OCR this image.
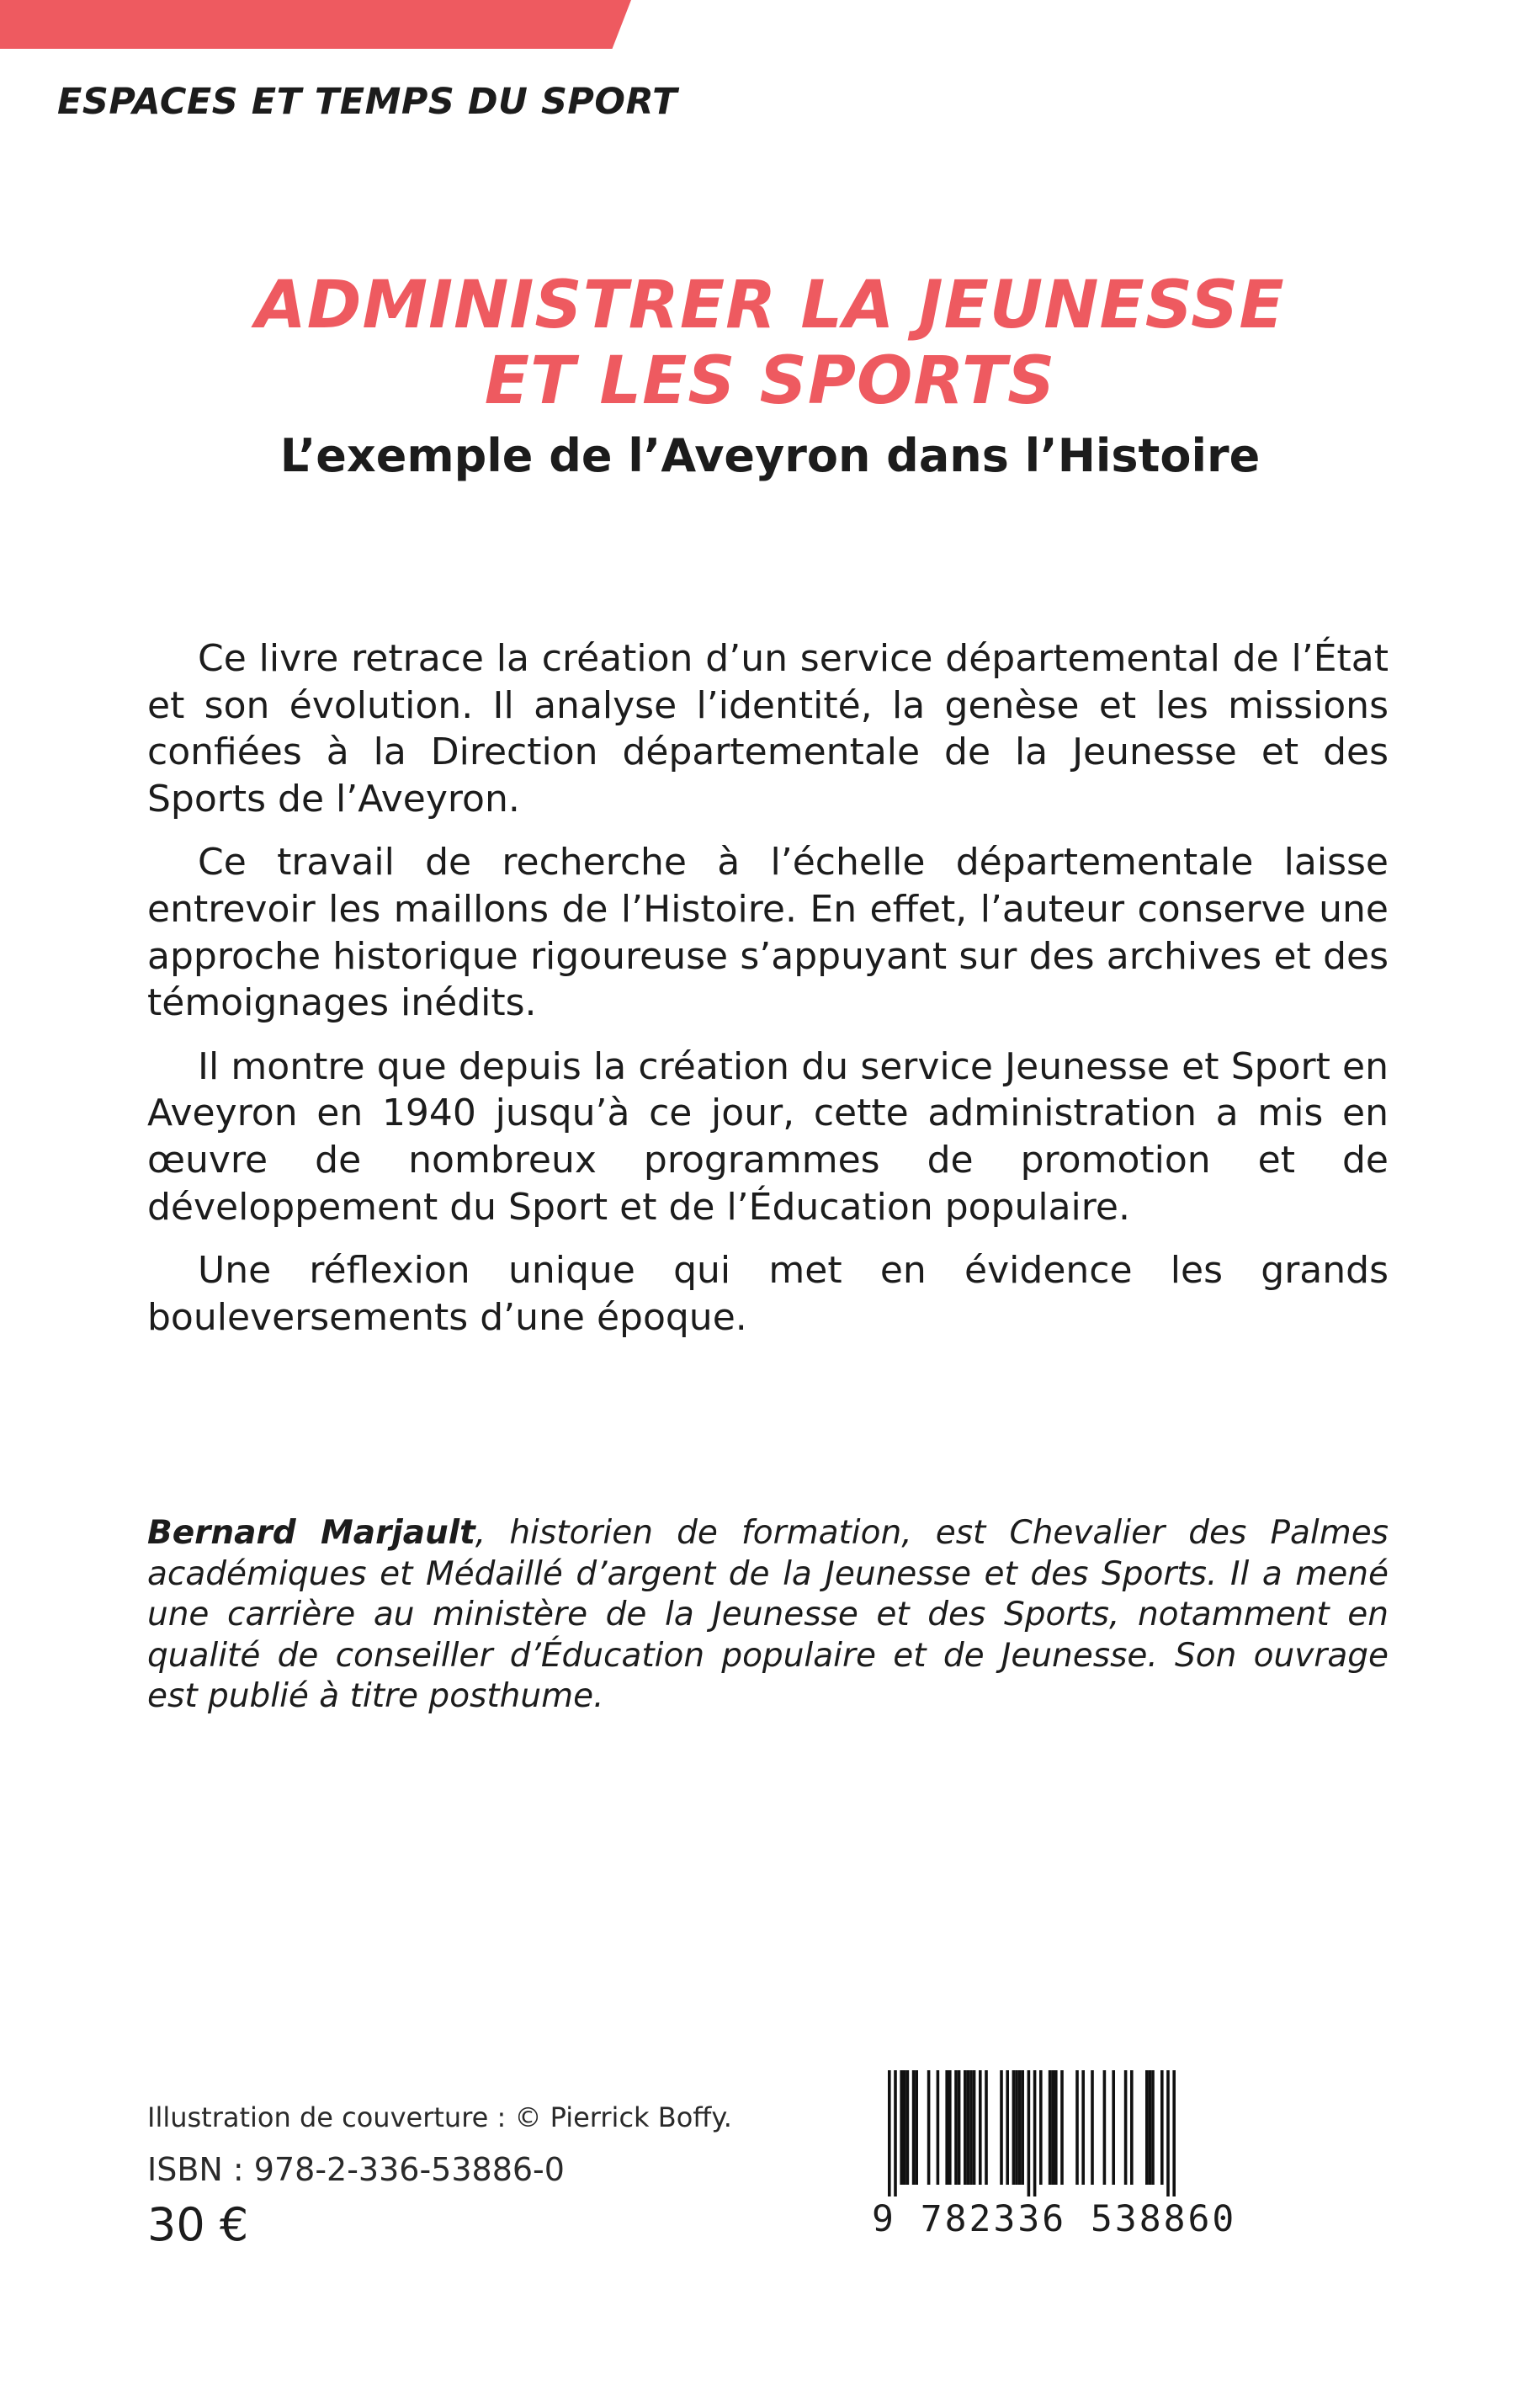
ESPACES ET TEMPS DU SPORT
ADMINISTRER LA JEUNESSE
ET LES SPORTS
L’exemple de l’Aveyron dans l’Histoire

Ce livre retrace la création d’un service départemental de l’État et son évolution. Il analyse l’identité, la genèse et les missions confiées à la Direction départementale de la Jeunesse et des Sports de l’Aveyron.

Ce travail de recherche à l’échelle départementale laisse entrevoir les maillons de l’Histoire. En effet, l’auteur conserve une approche historique rigoureuse s’appuyant sur des archives et des témoignages inédits.

Il montre que depuis la création du service Jeunesse et Sport en Aveyron en 1940 jusqu’à ce jour, cette administration a mis en œuvre de nombreux programmes de promotion et de développement du Sport et de l’Éducation populaire.

Une réflexion unique qui met en évidence les grands bouleversements d’une époque.

Bernard Marjault, historien de formation, est Chevalier des Palmes académiques et Médaillé d’argent de la Jeunesse et des Sports. Il a mené une carrière au ministère de la Jeunesse et des Sports, notamment en qualité de conseiller d’Éducation populaire et de Jeunesse. Son ouvrage est publié à titre posthume.

Illustration de couverture : © Pierrick Boffy.
ISBN : 978-2-336-53886-0
30 €	9 782336 538860
